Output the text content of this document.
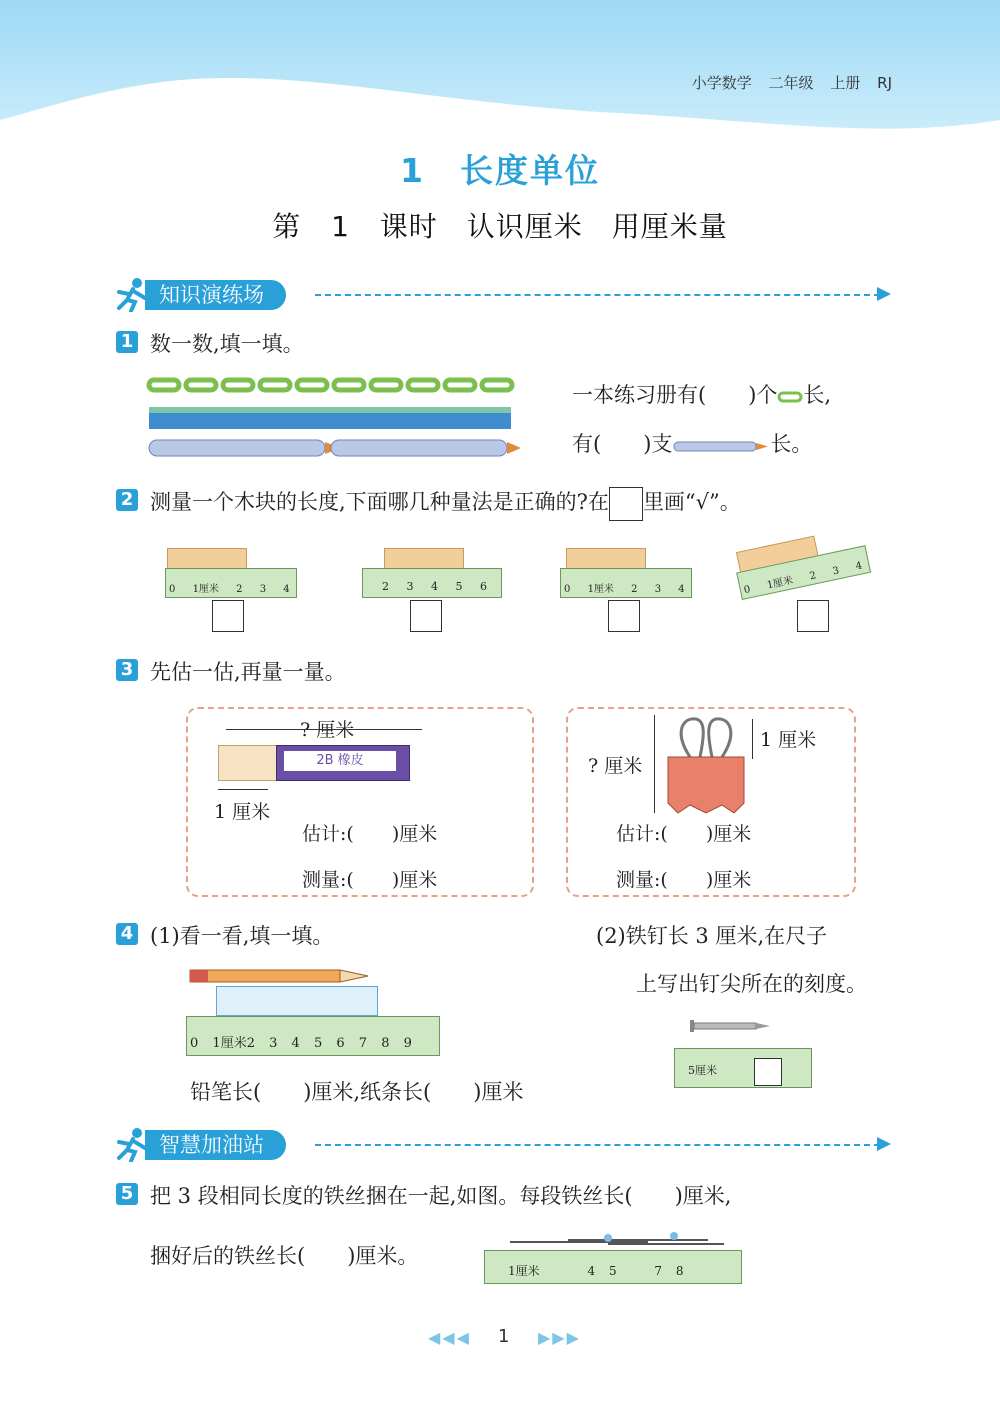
小学数学 二年级 上册 RJ
1　长度单位
第 1 课时　认识厘米　用厘米量
知识演练场
1 数一数,填一填。
一本练习册有(　　)个 长,
有(　　)支	长。
2 测量一个木块的长度,下面哪几种量法是正确的?在 里画“√”。
0 1厘米 2 3 4	2 3 4 5 6	0 1厘米 2 3 4	0 1厘米 2 3 4
3 先估一估,再量一量。
? 厘米
2B 橡皮
1 厘米
估计:(　　)厘米
测量:(　　)厘米
? 厘米
1 厘米
估计:(　　)厘米
测量:(　　)厘米
4 (1)看一看,填一填。	(2)铁钉长 3 厘米,在尺子
上写出钉尖所在的刻度。
0 1厘米2 3 4 5 6 7 8 9
铅笔长(　　)厘米,纸条长(　　)厘米
5厘米
智慧加油站
5 把 3 段相同长度的铁丝捆在一起,如图。每段铁丝长(　　)厘米,
捆好后的铁丝长(　　)厘米。
1厘米	4 5	7 8
◀◀◀ 1 ▶▶▶
